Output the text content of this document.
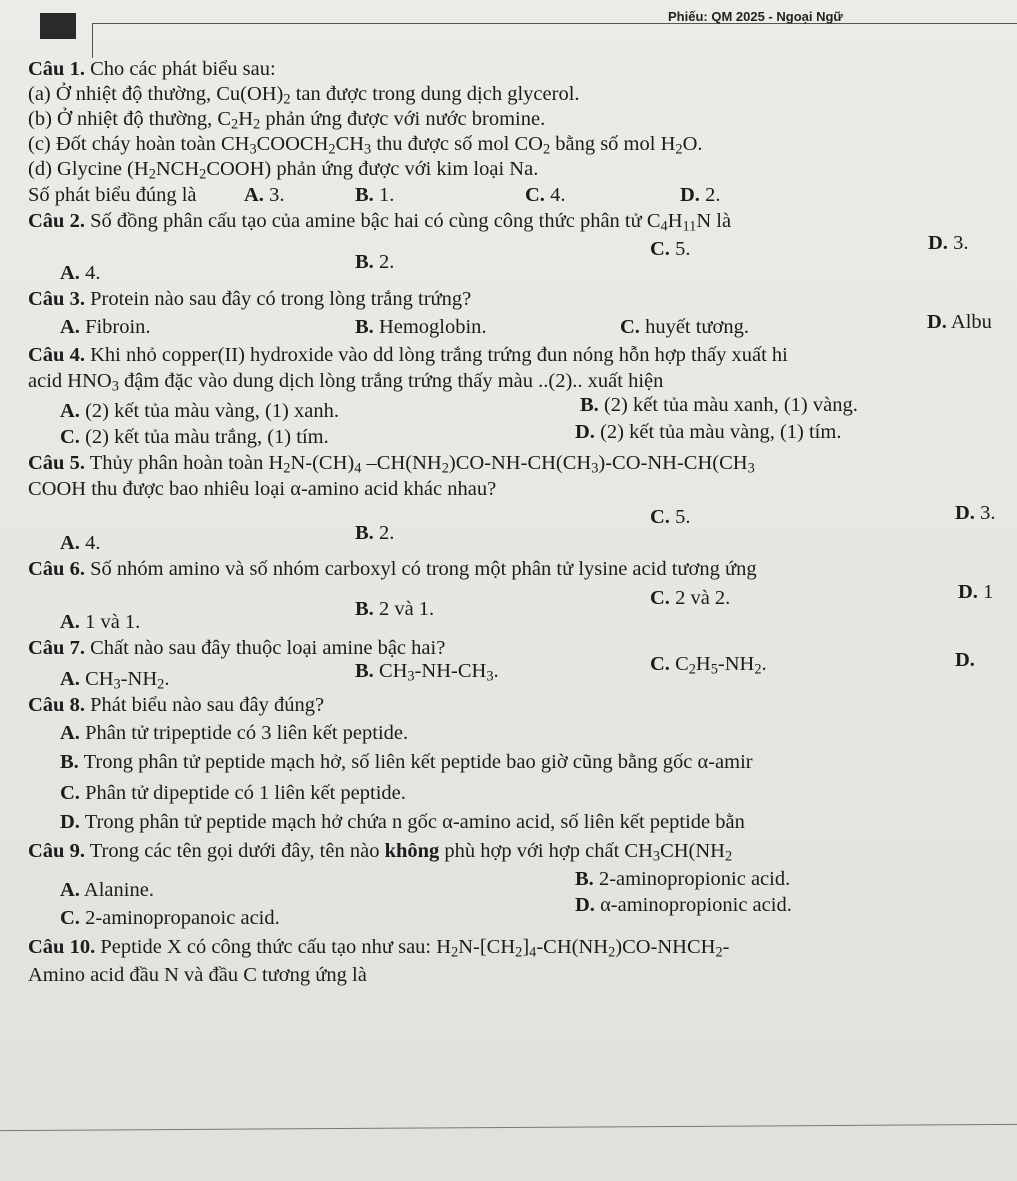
Phiếu: QM 2025 - Ngoại Ngữ
Câu 1. Cho các phát biểu sau:
(a) Ở nhiệt độ thường, $Cu(OH)_2$ tan được trong dung dịch glycerol.
(b) Ở nhiệt độ thường, $C_2H_2$ phản ứng được với nước bromine.
(c) Đốt cháy hoàn toàn $CH_3COOCH_2CH_3$ thu được số mol $CO_2$ bằng số mol $H_2O$.
(d) Glycine $(H_2NCH_2COOH)$ phản ứng được với kim loại Na.
Số phát biểu đúng là A. 3.	B. 1.	C. 4.	D. 2.
Câu 2. Số đồng phân cấu tạo của amine bậc hai có cùng công thức phân tử $C_4H_{11}N$ là
D. 3.
C. 5.
B. 2.
A. 4.
Câu 3. Protein nào sau đây có trong lòng trắng trứng?
D. Albu
A. Fibroin.	B. Hemoglobin.	C. huyết tương.
Câu 4. Khi nhỏ copper(II) hydroxide vào dd lòng trắng trứng đun nóng hỗn hợp thấy xuất hi
acid $HNO_3$ đậm đặc vào dung dịch lòng trắng trứng thấy màu ..(2).. xuất hiện
B. (2) kết tủa màu xanh, (1) vàng.
A. (2) kết tủa màu vàng, (1) xanh.
D. (2) kết tủa màu vàng, (1) tím.
C. (2) kết tủa màu trắng, (1) tím.
Câu 5. Thủy phân hoàn toàn $H_2N-(CH)_4$ $-CH(NH_2)CO-NH-CH(CH_3)-CO-NH-CH(CH_3$
COOH thu được bao nhiêu loại α-amino acid khác nhau?
D. 3.
C. 5.
B. 2.
A. 4.
Câu 6. Số nhóm amino và số nhóm carboxyl có trong một phân tử lysine acid tương ứng
D. 1
C. 2 và 2.
B. 2 và 1.
A. 1 và 1.
Câu 7. Chất nào sau đây thuộc loại amine bậc hai?
D.
C. $C_2H_5-NH_2$.
B. $CH_3-NH-CH_3$.
A. $CH_3-NH_2$.
Câu 8. Phát biểu nào sau đây đúng?
A. Phân tử tripeptide có 3 liên kết peptide.
B. Trong phân tử peptide mạch hở, số liên kết peptide bao giờ cũng bằng gốc α-amir
C. Phân tử dipeptide có 1 liên kết peptide.
D. Trong phân tử peptide mạch hở chứa n gốc α-amino acid, số liên kết peptide bằn
Câu 9. Trong các tên gọi dưới đây, tên nào không phù hợp với hợp chất $CH_3CH(NH_2$
B. 2-aminopropionic acid.
A. Alanine.
D. α-aminopropionic acid.
C. 2-aminopropanoic acid.
Câu 10. Peptide X có công thức cấu tạo như sau: $H_2N-[CH_2]_4-CH(NH_2)CO-NHCH_2-$
Amino acid đầu N và đầu C tương ứng là
